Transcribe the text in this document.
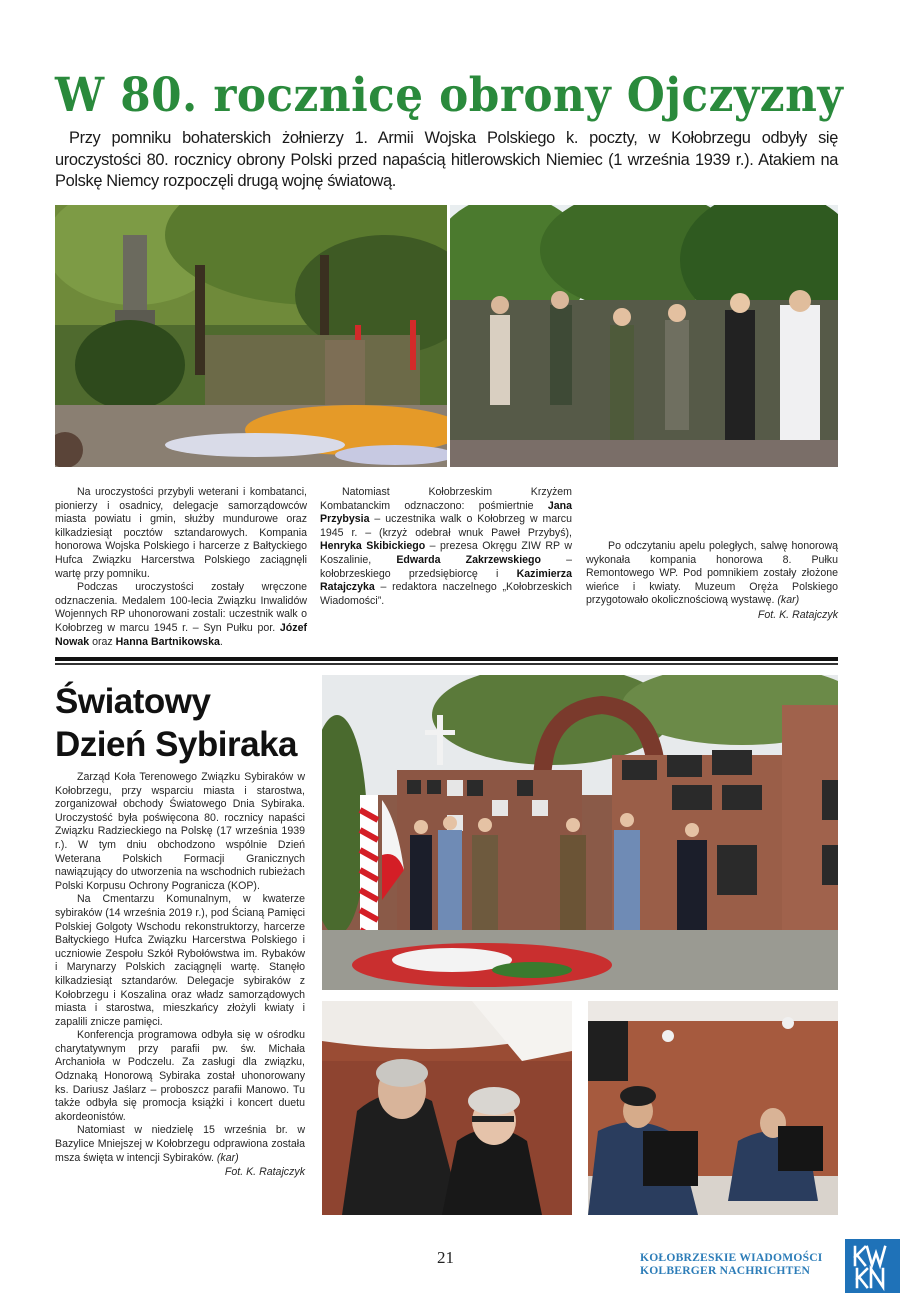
W 80. rocznicę obrony Ojczyzny
Przy pomniku bohaterskich żołnierzy 1. Armii Wojska Polskiego k. poczty, w Kołobrzegu odbyły się uroczystości 80. rocznicy obrony Polski przed napaścią hitlerowskich Niemiec (1 września 1939 r.). Atakiem na Polskę Niemcy rozpoczęli drugą wojnę światową.

Na uroczystości przybyli weterani i kombatanci, pionierzy i osadnicy, delegacje samorządowców miasta powiatu i gmin, służby mundurowe oraz kilkadziesiąt pocztów sztandarowych. Kompania honorowa Wojska Polskiego i harcerze z Bałtyckiego Hufca Związku Harcerstwa Polskiego zaciągnęli wartę przy pomniku.

Podczas uroczystości zostały wręczone odznaczenia. Medalem 100-lecia Związku Inwalidów Wojennych RP uhonorowani zostali: uczestnik walk o Kołobrzeg w marcu 1945 r. – Syn Pułku por. Józef Nowak oraz Hanna Bartnikowska.

Natomiast Kołobrzeskim Krzyżem Kombatanckim odznaczono: pośmiertnie Jana Przybysia – uczestnika walk o Kołobrzeg w marcu 1945 r. – (krzyż odebrał wnuk Paweł Przybyś), Henryka Skibickiego – prezesa Okręgu ZIW RP w Koszalinie, Edwarda Zakrzewskiego – kołobrzeskiego przedsiębiorcę i Kazimierza Ratajczyka – redaktora naczelnego „Kołobrzeskich Wiadomości”.

Po odczytaniu apelu poległych, salwę honorową wykonała kompania honorowa 8. Pułku Remontowego WP. Pod pomnikiem zostały złożone wieńce i kwiaty. Muzeum Oręża Polskiego przygotowało okolicznościową wystawę. (kar)

Fot. K. Ratajczyk

Światowy
Dzień Sybiraka

Zarząd Koła Terenowego Związku Sybiraków w Kołobrzegu, przy wsparciu miasta i starostwa, zorganizował obchody Światowego Dnia Sybiraka. Uroczystość była poświęcona 80. rocznicy napaści Związku Radzieckiego na Polskę (17 września 1939 r.). W tym dniu obchodzono wspólnie Dzień Weterana Polskich Formacji Granicznych nawiązujący do utworzenia na wschodnich rubieżach Polski Korpusu Ochrony Pogranicza (KOP).

Na Cmentarzu Komunalnym, w kwaterze sybiraków (14 września 2019 r.), pod Ścianą Pamięci Polskiej Golgoty Wschodu rekonstruktorzy, harcerze Bałtyckiego Hufca Związku Harcerstwa Polskiego i uczniowie Zespołu Szkół Rybołówstwa im. Rybaków i Marynarzy Polskich zaciągnęli wartę. Stanęło kilkadziesiąt sztandarów. Delegacje sybiraków z Kołobrzegu i Koszalina oraz władz samorządowych miasta i starostwa, mieszkańcy złożyli kwiaty i zapalili znicze pamięci.

Konferencja programowa odbyła się w ośrodku charytatywnym przy parafii pw. św. Michała Archanioła w Podczelu. Za zasługi dla związku, Odznaką Honorową Sybiraka został uhonorowany ks. Dariusz Jaślarz – proboszcz parafii Manowo. Tu także odbyła się promocja książki i koncert duetu akordeonistów.

Natomiast w niedzielę 15 września br. w Bazylice Mniejszej w Kołobrzegu odprawiona została msza święta w intencji Sybiraków. (kar)

Fot. K. Ratajczyk

21	KOŁOBRZESKIE WIADOMOŚCI
KOLBERGER NACHRICHTEN
